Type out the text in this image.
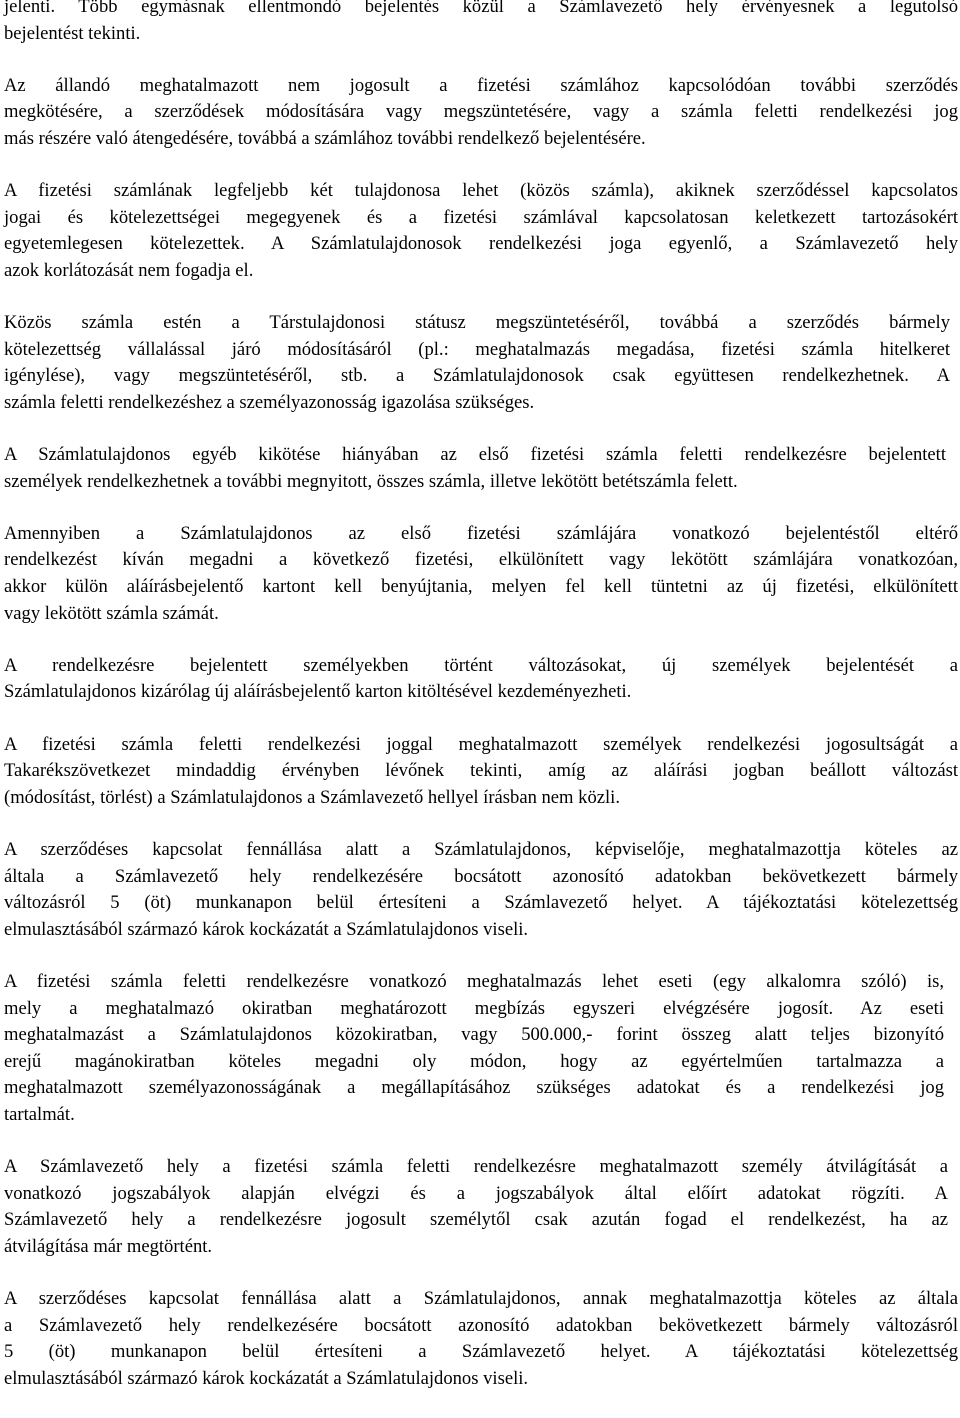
jelenti. Több egymásnak ellentmondó bejelentés közül a Számlavezető hely érvényesnek a legutolsó
bejelentést tekinti.
Az állandó meghatalmazott nem jogosult a fizetési számlához kapcsolódóan további szerződés
megkötésére, a szerződések módosítására vagy megszüntetésére, vagy a számla feletti rendelkezési jog
más részére való átengedésére, továbbá a számlához további rendelkező bejelentésére.
A fizetési számlának legfeljebb két tulajdonosa lehet (közös számla), akiknek szerződéssel kapcsolatos
jogai és kötelezettségei megegyenek és a fizetési számlával kapcsolatosan keletkezett tartozásokért
egyetemlegesen kötelezettek. A Számlatulajdonosok rendelkezési joga egyenlő, a Számlavezető hely
azok korlátozását nem fogadja el.
Közös számla estén a Társtulajdonosi státusz megszüntetéséről, továbbá a szerződés bármely
kötelezettség vállalással járó módosításáról (pl.: meghatalmazás megadása, fizetési számla hitelkeret
igénylése), vagy megszüntetéséről, stb. a Számlatulajdonosok csak együttesen rendelkezhetnek. A
számla feletti rendelkezéshez a személyazonosság igazolása szükséges.
A Számlatulajdonos egyéb kikötése hiányában az első fizetési számla feletti rendelkezésre bejelentett
személyek rendelkezhetnek a további megnyitott, összes számla, illetve lekötött betétszámla felett.
Amennyiben a Számlatulajdonos az első fizetési számlájára vonatkozó bejelentéstől eltérő
rendelkezést kíván megadni a következő fizetési, elkülönített vagy lekötött számlájára vonatkozóan,
akkor külön aláírásbejelentő kartont kell benyújtania, melyen fel kell tüntetni az új fizetési, elkülönített
vagy lekötött számla számát.
A rendelkezésre bejelentett személyekben történt változásokat, új személyek bejelentését a
Számlatulajdonos kizárólag új aláírásbejelentő karton kitöltésével kezdeményezheti.
A fizetési számla feletti rendelkezési joggal meghatalmazott személyek rendelkezési jogosultságát a
Takarékszövetkezet mindaddig érvényben lévőnek tekinti, amíg az aláírási jogban beállott változást
(módosítást, törlést) a Számlatulajdonos a Számlavezető hellyel írásban nem közli.
A szerződéses kapcsolat fennállása alatt a Számlatulajdonos, képviselője, meghatalmazottja köteles az
általa a Számlavezető hely rendelkezésére bocsátott azonosító adatokban bekövetkezett bármely
változásról 5 (öt) munkanapon belül értesíteni a Számlavezető helyet. A tájékoztatási kötelezettség
elmulasztásából származó károk kockázatát a Számlatulajdonos viseli.
A fizetési számla feletti rendelkezésre vonatkozó meghatalmazás lehet eseti (egy alkalomra szóló) is,
mely a meghatalmazó okiratban meghatározott megbízás egyszeri elvégzésére jogosít. Az eseti
meghatalmazást a Számlatulajdonos közokiratban, vagy 500.000,- forint összeg alatt teljes bizonyító
erejű magánokiratban köteles megadni oly módon, hogy az egyértelműen tartalmazza a
meghatalmazott személyazonosságának a megállapításához szükséges adatokat és a rendelkezési jog
tartalmát.
A Számlavezető hely a fizetési számla feletti rendelkezésre meghatalmazott személy átvilágítását a
vonatkozó jogszabályok alapján elvégzi és a jogszabályok által előírt adatokat rögzíti. A
Számlavezető hely a rendelkezésre jogosult személytől csak azután fogad el rendelkezést, ha az
átvilágítása már megtörtént.
A szerződéses kapcsolat fennállása alatt a Számlatulajdonos, annak meghatalmazottja köteles az általa
a Számlavezető hely rendelkezésére bocsátott azonosító adatokban bekövetkezett bármely változásról
5 (öt) munkanapon belül értesíteni a Számlavezető helyet. A tájékoztatási kötelezettség
elmulasztásából származó károk kockázatát a Számlatulajdonos viseli.
